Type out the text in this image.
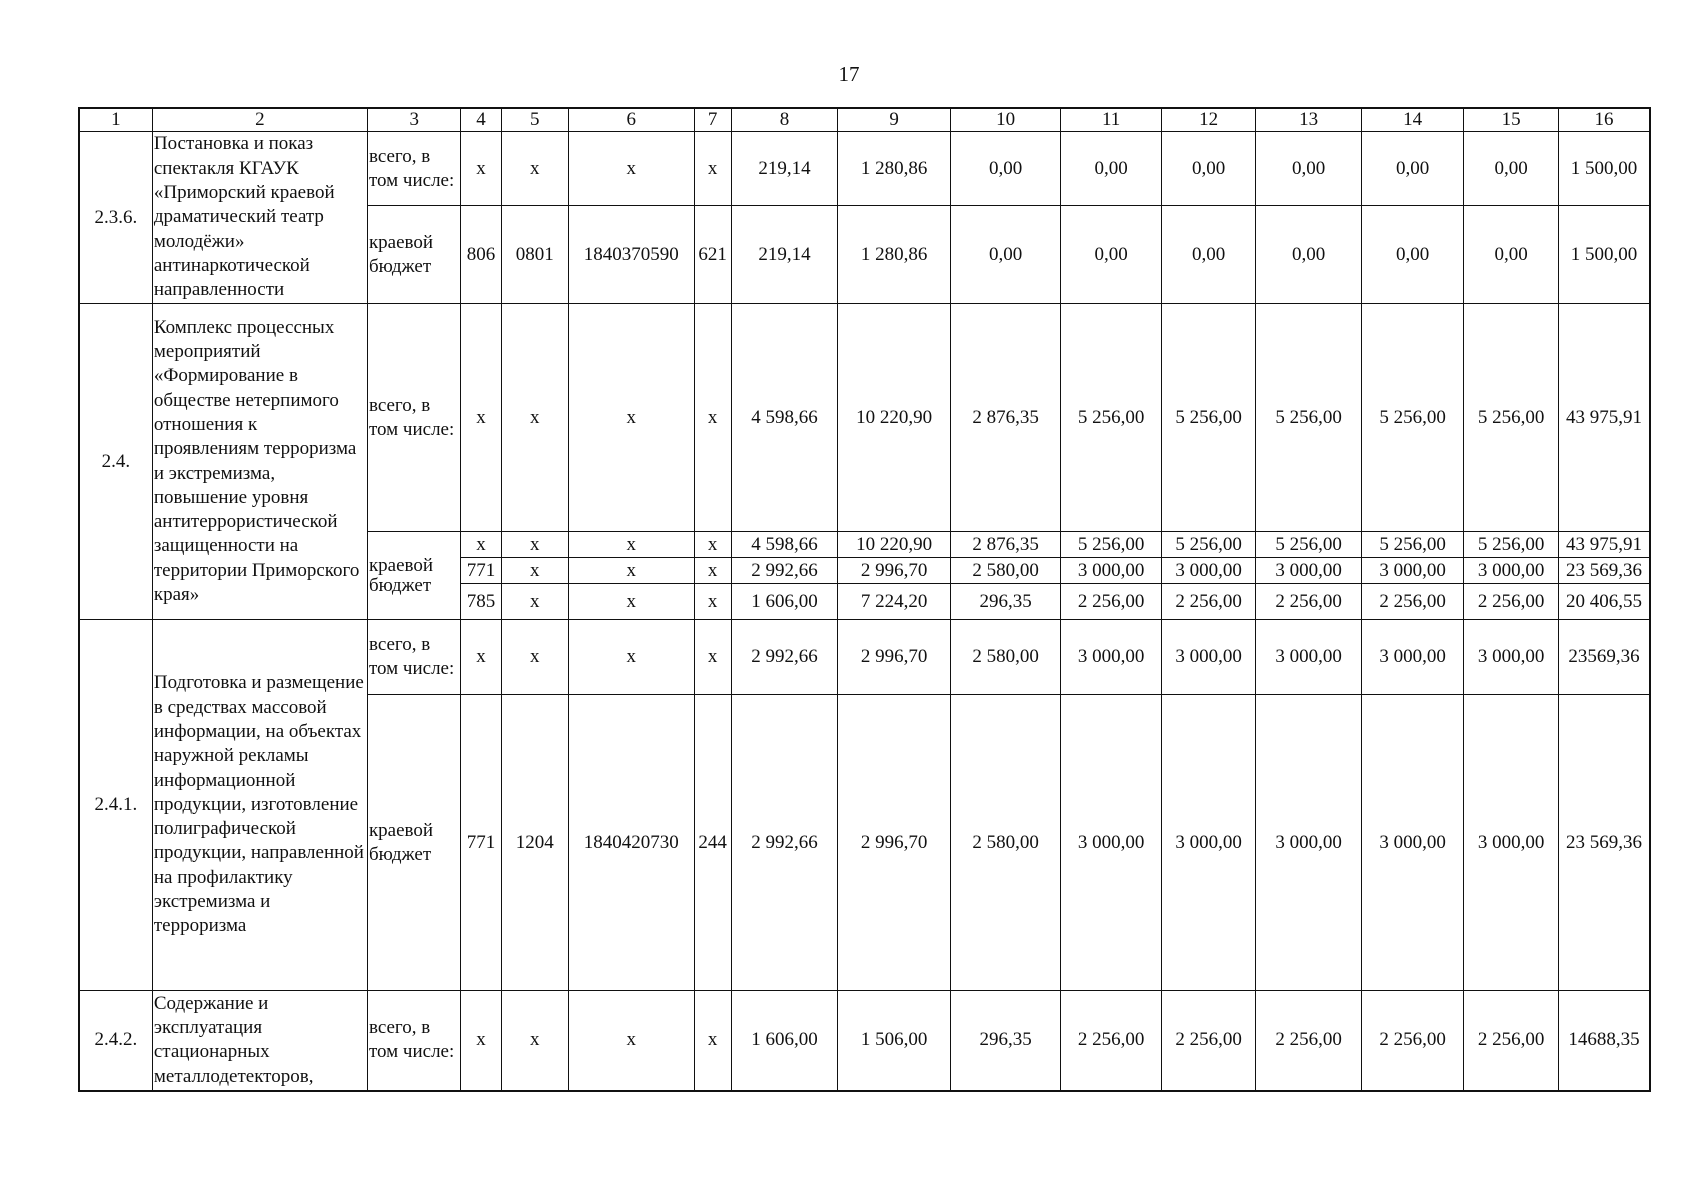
17
1	2	3	4	5	6	7	8	9	10	11	12	13	14	15	16
2.3.6.	Постановка и показ спектакля КГАУК «Приморский краевой драматический театр молодёжи» антинаркотической направленности	всего, в том числе:	х	х	х	х	219,14	1 280,86	0,00	0,00	0,00	0,00	0,00	0,00	1 500,00
		краевой бюджет	806	0801	1840370590	621	219,14	1 280,86	0,00	0,00	0,00	0,00	0,00	0,00	1 500,00
2.4.	Комплекс процессных мероприятий «Формирование в обществе нетерпимого отношения к проявлениям терроризма и экстремизма, повышение уровня антитеррористической защищенности на территории Приморского края»	всего, в том числе:	х	х	х	х	4 598,66	10 220,90	2 876,35	5 256,00	5 256,00	5 256,00	5 256,00	5 256,00	43 975,91
		краевой бюджет	х	х	х	х	4 598,66	10 220,90	2 876,35	5 256,00	5 256,00	5 256,00	5 256,00	5 256,00	43 975,91
			771	х	х	х	2 992,66	2 996,70	2 580,00	3 000,00	3 000,00	3 000,00	3 000,00	3 000,00	23 569,36
			785	х	х	х	1 606,00	7 224,20	296,35	2 256,00	2 256,00	2 256,00	2 256,00	2 256,00	20 406,55
2.4.1.	Подготовка и размещение в средствах массовой информации, на объектах наружной рекламы информационной продукции, изготовление полиграфической продукции, направленной на профилактику экстремизма и терроризма	всего, в том числе:	х	х	х	х	2 992,66	2 996,70	2 580,00	3 000,00	3 000,00	3 000,00	3 000,00	3 000,00	23569,36
		краевой бюджет	771	1204	1840420730	244	2 992,66	2 996,70	2 580,00	3 000,00	3 000,00	3 000,00	3 000,00	3 000,00	23 569,36
2.4.2.	Содержание и эксплуатация стационарных металлодетекторов,	всего, в том числе:	х	х	х	х	1 606,00	1 506,00	296,35	2 256,00	2 256,00	2 256,00	2 256,00	2 256,00	14688,35
